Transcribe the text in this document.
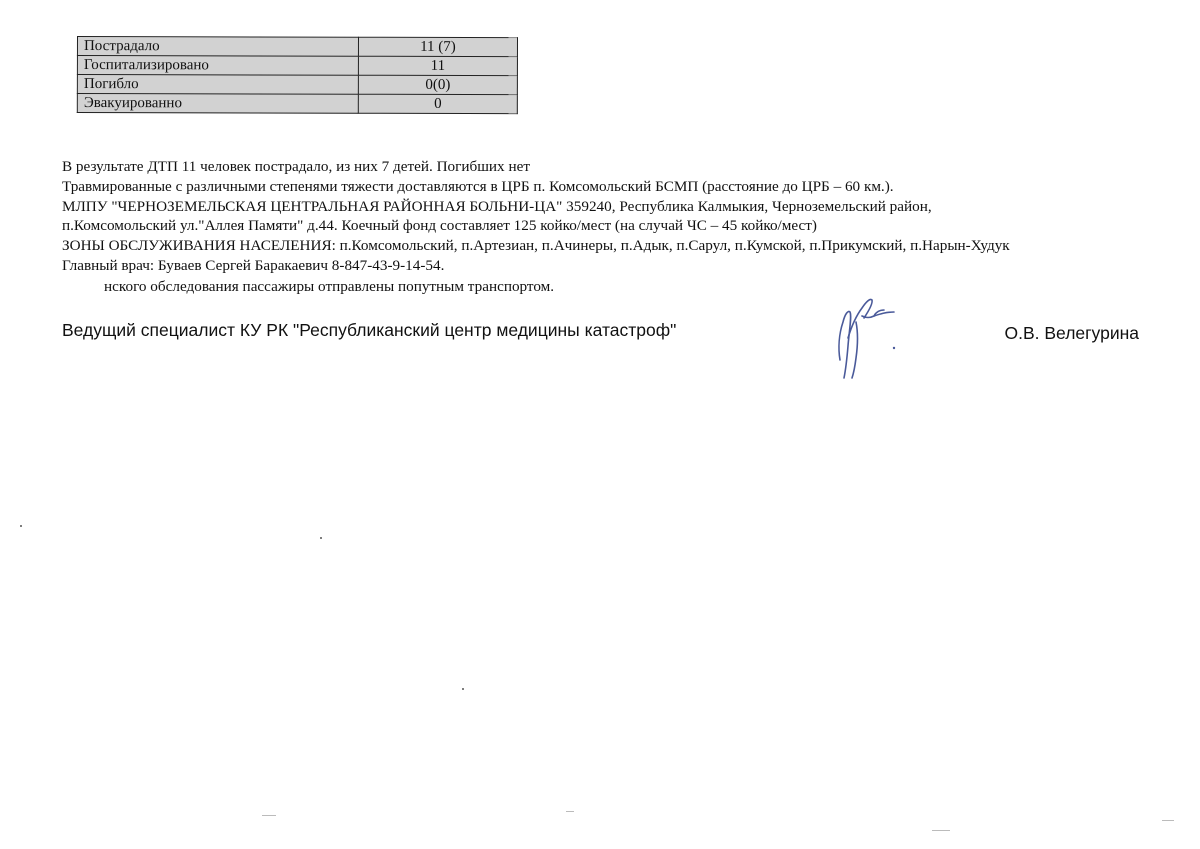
Пострадало	11 (7)
Госпитализировано	11
Погибло	0(0)
Эвакуированно	0
В результате ДТП 11 человек пострадало, из них 7 детей. Погибших нет
Травмированные с различными степенями тяжести доставляются в ЦРБ п. Комсомольский БСМП (расстояние до ЦРБ – 60 км.).
МЛПУ "ЧЕРНОЗЕМЕЛЬСКАЯ ЦЕНТРАЛЬНАЯ РАЙОННАЯ БОЛЬНИ-ЦА" 359240, Республика Калмыкия, Черноземельский район,
п.Комсомольский ул."Аллея Памяти" д.44. Коечный фонд составляет 125 койко/мест (на случай ЧС – 45 койко/мест)
ЗОНЫ ОБСЛУЖИВАНИЯ НАСЕЛЕНИЯ: п.Комсомольский, п.Артезиан, п.Ачинеры, п.Адык, п.Сарул, п.Кумской, п.Прикумский, п.Нарын-Худук
Главный врач: Буваев Сергей Баракаевич 8-847-43-9-14-54.
нского обследования пассажиры отправлены попутным транспортом.
Ведущий специалист КУ РК "Республиканский центр медицины катастроф"	О.В. Велегурина
